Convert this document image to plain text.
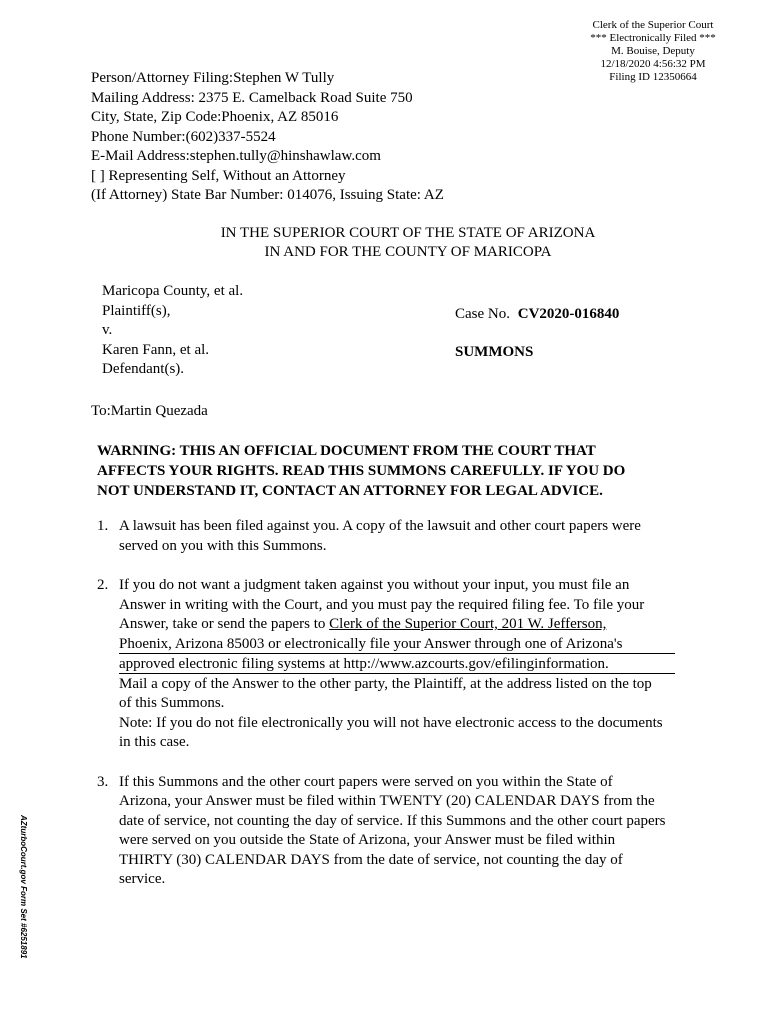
Clerk of the Superior Court
*** Electronically Filed ***
M. Bouise, Deputy
12/18/2020 4:56:32 PM
Filing ID 12350664
Person/Attorney Filing:Stephen W Tully
Mailing Address: 2375 E. Camelback Road Suite 750
City, State, Zip Code:Phoenix, AZ 85016
Phone Number:(602)337-5524
E-Mail Address:stephen.tully@hinshawlaw.com
[ ] Representing Self, Without an Attorney
(If Attorney) State Bar Number: 014076, Issuing State: AZ
IN THE SUPERIOR COURT OF THE STATE OF ARIZONA
IN AND FOR THE COUNTY OF MARICOPA
Maricopa County, et al.
Plaintiff(s),
v.
Karen Fann, et al.
Defendant(s).
Case No. CV2020-016840
SUMMONS
To:Martin Quezada
WARNING: THIS AN OFFICIAL DOCUMENT FROM THE COURT THAT
AFFECTS YOUR RIGHTS. READ THIS SUMMONS CAREFULLY. IF YOU DO
NOT UNDERSTAND IT, CONTACT AN ATTORNEY FOR LEGAL ADVICE.
1. A lawsuit has been filed against you. A copy of the lawsuit and other court papers were
served on you with this Summons.
2. If you do not want a judgment taken against you without your input, you must file an
Answer in writing with the Court, and you must pay the required filing fee. To file your
Answer, take or send the papers to Clerk of the Superior Court, 201 W. Jefferson,
Phoenix, Arizona 85003 or electronically file your Answer through one of Arizona's
approved electronic filing systems at http://www.azcourts.gov/efilinginformation.
Mail a copy of the Answer to the other party, the Plaintiff, at the address listed on the top
of this Summons.
Note: If you do not file electronically you will not have electronic access to the documents
in this case.
3. If this Summons and the other court papers were served on you within the State of
Arizona, your Answer must be filed within TWENTY (20) CALENDAR DAYS from the
date of service, not counting the day of service. If this Summons and the other court papers
were served on you outside the State of Arizona, your Answer must be filed within
THIRTY (30) CALENDAR DAYS from the date of service, not counting the day of
service.
AZturboCourt.gov Form Set #6251891
